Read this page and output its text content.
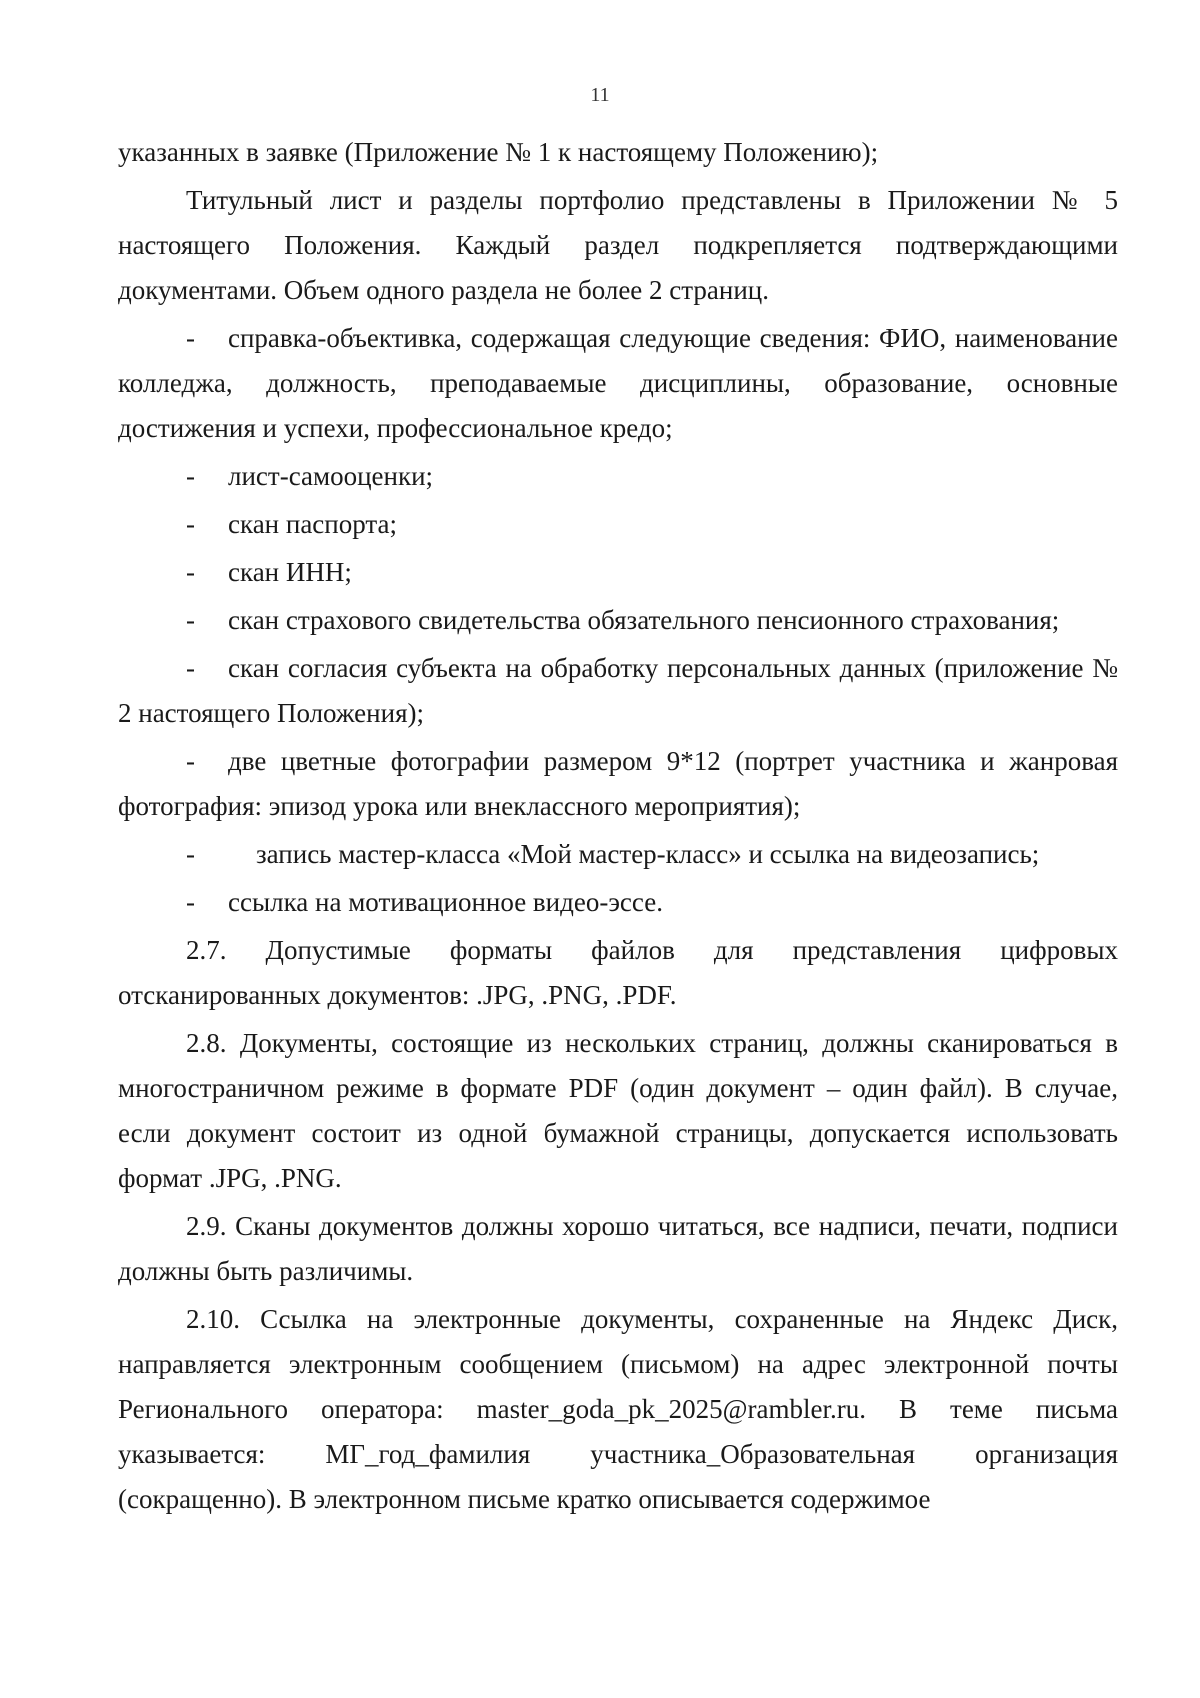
11

указанных в заявке (Приложение № 1 к настоящему Положению);

Титульный лист и разделы портфолио представлены в Приложении № 5 настоящего Положения. Каждый раздел подкрепляется подтверждающими документами. Объем одного раздела не более 2 страниц.

- справка-объективка, содержащая следующие сведения: ФИО, наименование колледжа, должность, преподаваемые дисциплины, образование, основные достижения и успехи, профессиональное кредо;

- лист-самооценки;

- скан паспорта;

- скан ИНН;

- скан страхового свидетельства обязательного пенсионного страхования;

- скан согласия субъекта на обработку персональных данных (приложение № 2 настоящего Положения);

- две цветные фотографии размером 9*12 (портрет участника и жанровая фотография: эпизод урока или внеклассного мероприятия);

- запись мастер-класса «Мой мастер-класс» и ссылка на видеозапись;

- ссылка на мотивационное видео-эссе.

2.7. Допустимые форматы файлов для представления цифровых отсканированных документов: .JPG, .PNG, .PDF.

2.8. Документы, состоящие из нескольких страниц, должны сканироваться в многостраничном режиме в формате PDF (один документ – один файл). В случае, если документ состоит из одной бумажной страницы, допускается использовать формат .JPG, .PNG.

2.9. Сканы документов должны хорошо читаться, все надписи, печати, подписи должны быть различимы.

2.10. Ссылка на электронные документы, сохраненные на Яндекс Диск, направляется электронным сообщением (письмом) на адрес электронной почты Регионального оператора: master_goda_pk_2025@rambler.ru. В теме письма указывается: МГ_год_фамилия участника_Образовательная организация (сокращенно). В электронном письме кратко описывается содержимое
